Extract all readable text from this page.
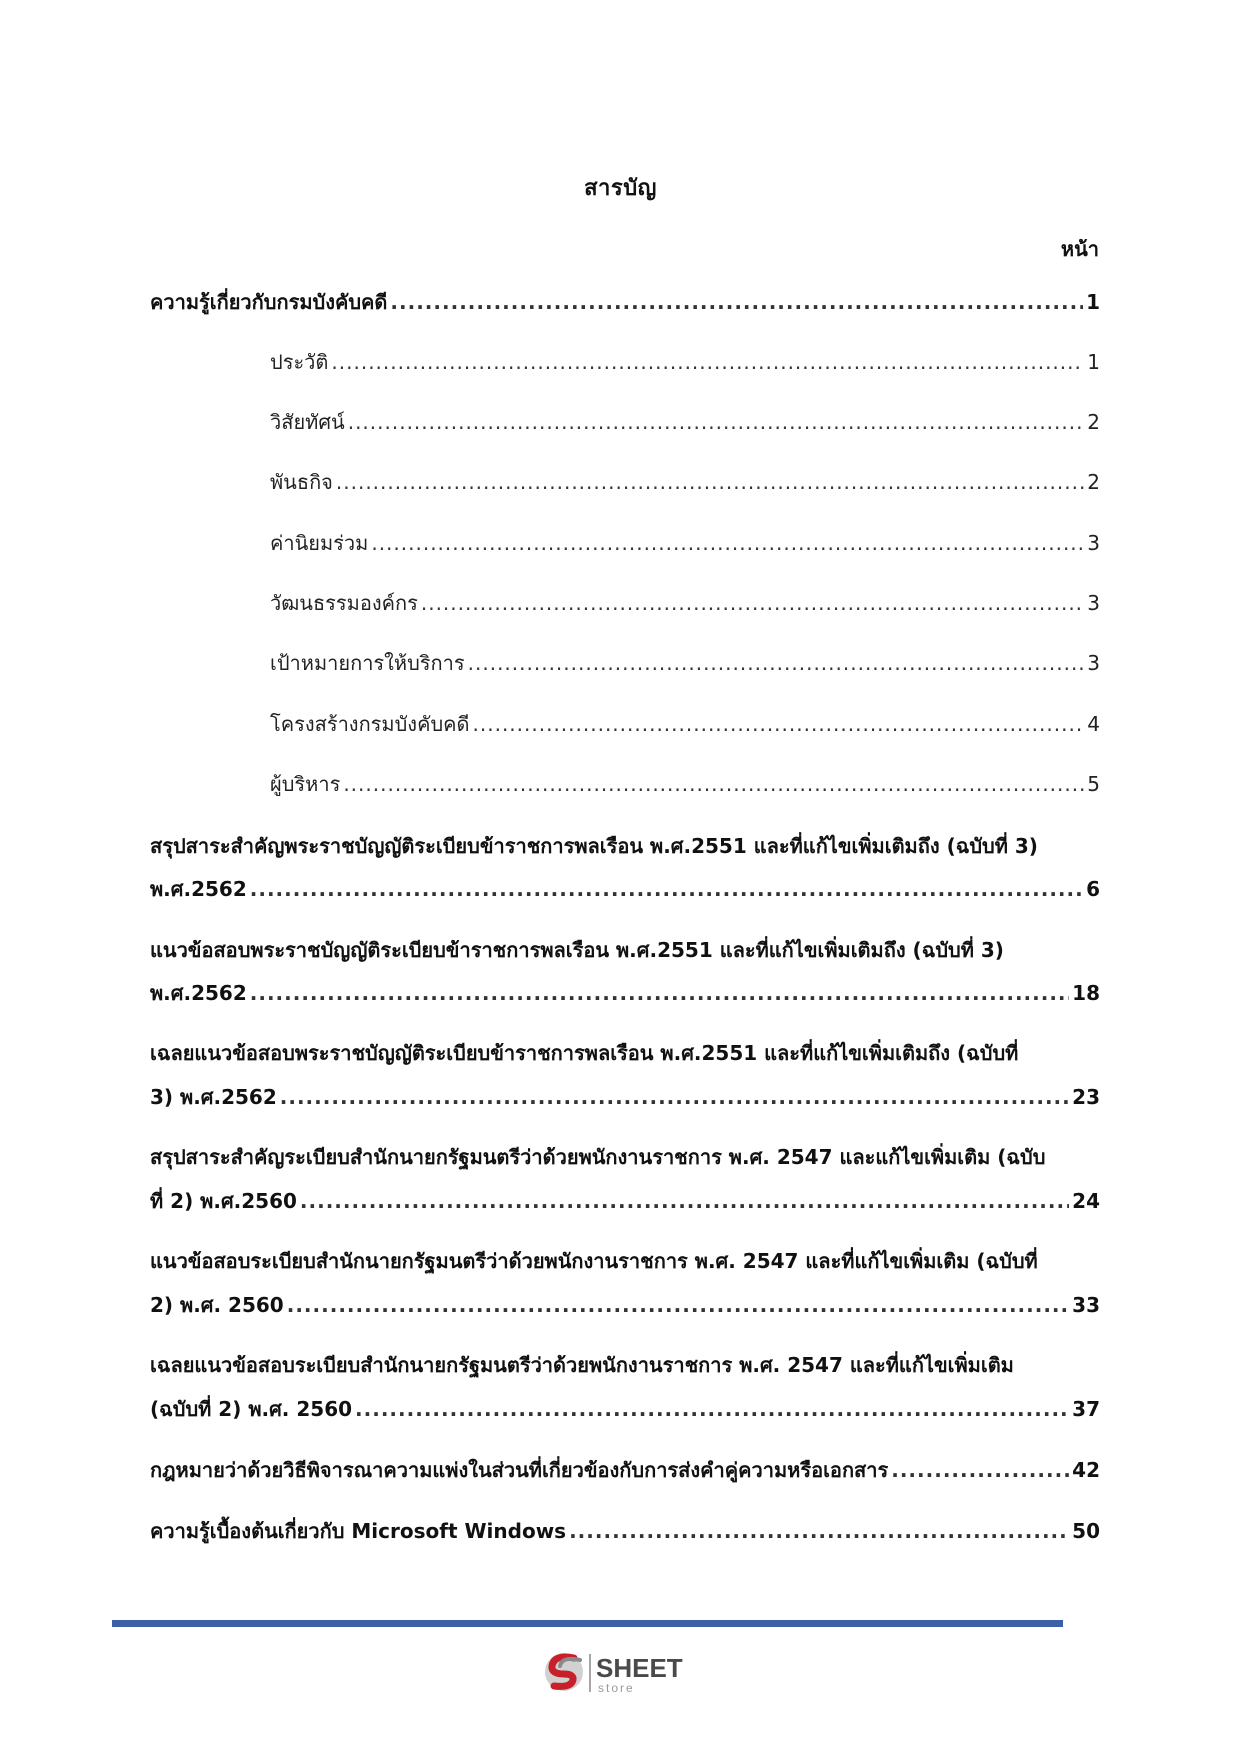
สารบัญ
หน้า
ความรู้เกี่ยวกับกรมบังคับคดี .....	1
ประวัติ .....	1
วิสัยทัศน์ .....	2
พันธกิจ .....	2
ค่านิยมร่วม .....	3
วัฒนธรรมองค์กร .....	3
เป้าหมายการให้บริการ .....	3
โครงสร้างกรมบังคับคดี .....	4
ผู้บริหาร .....	5
สรุปสาระสำคัญพระราชบัญญัติระเบียบข้าราชการพลเรือน พ.ศ.2551 และที่แก้ไขเพิ่มเติมถึง (ฉบับที่ 3)
พ.ศ.2562 .....	6
แนวข้อสอบพระราชบัญญัติระเบียบข้าราชการพลเรือน พ.ศ.2551 และที่แก้ไขเพิ่มเติมถึง (ฉบับที่ 3)
พ.ศ.2562 .....	18
เฉลยแนวข้อสอบพระราชบัญญัติระเบียบข้าราชการพลเรือน พ.ศ.2551 และที่แก้ไขเพิ่มเติมถึง (ฉบับที่
3) พ.ศ.2562 .....	23
สรุปสาระสำคัญระเบียบสำนักนายกรัฐมนตรีว่าด้วยพนักงานราชการ พ.ศ. 2547 และแก้ไขเพิ่มเติม (ฉบับ
ที่ 2) พ.ศ.2560 .....	24
แนวข้อสอบระเบียบสำนักนายกรัฐมนตรีว่าด้วยพนักงานราชการ พ.ศ. 2547 และที่แก้ไขเพิ่มเติม (ฉบับที่
2) พ.ศ. 2560 .....	33
เฉลยแนวข้อสอบระเบียบสำนักนายกรัฐมนตรีว่าด้วยพนักงานราชการ พ.ศ. 2547 และที่แก้ไขเพิ่มเติม
(ฉบับที่ 2) พ.ศ. 2560 .....	37
กฎหมายว่าด้วยวิธีพิจารณาความแพ่งในส่วนที่เกี่ยวข้องกับการส่งคำคู่ความหรือเอกสาร .....	42
ความรู้เบื้องต้นเกี่ยวกับ Microsoft Windows .....	50
SHEET
store
